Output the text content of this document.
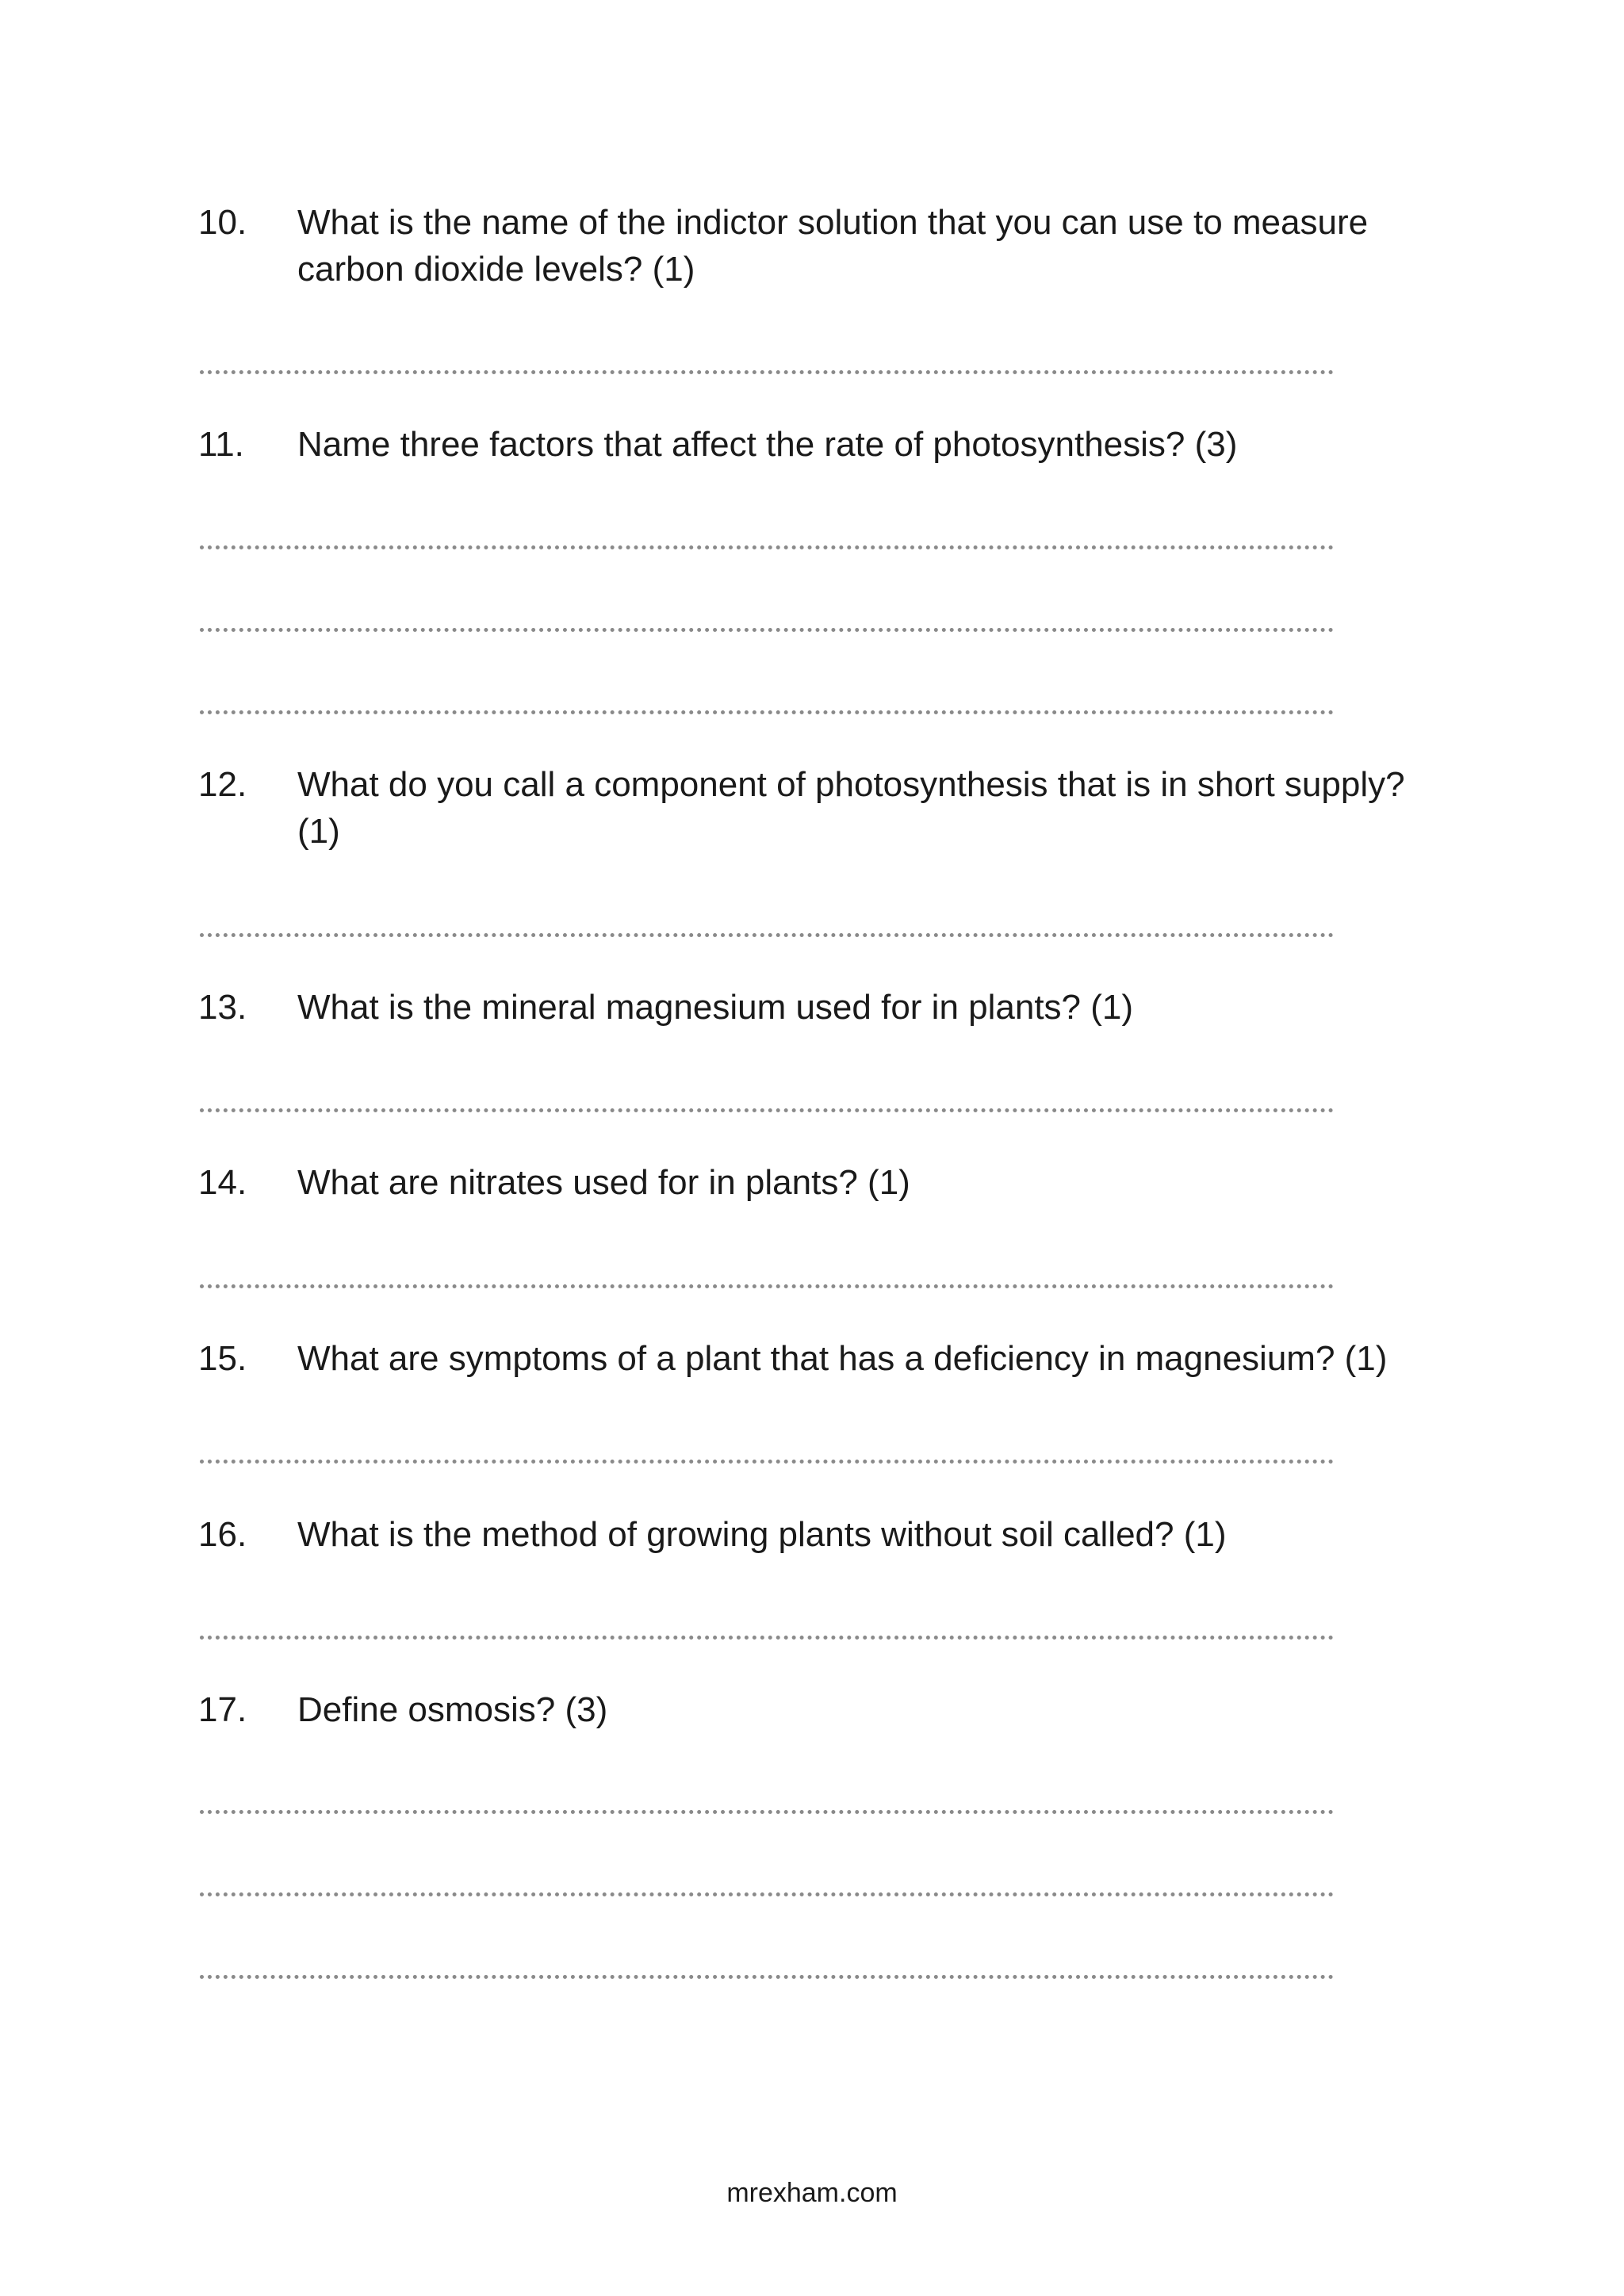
10.	What is the name of the indictor solution that you can use to measure carbon dioxide levels? (1)
11.	Name three factors that affect the rate of photosynthesis? (3)
12.	What do you call a component of photosynthesis that is in short supply? (1)
13.	What is the mineral magnesium used for in plants? (1)
14.	What are nitrates used for in plants? (1)
15.	What are symptoms of a plant that has a deficiency in magnesium? (1)
16.	What is the method of growing plants without soil called? (1)
17.	Define osmosis? (3)
mrexham.com
